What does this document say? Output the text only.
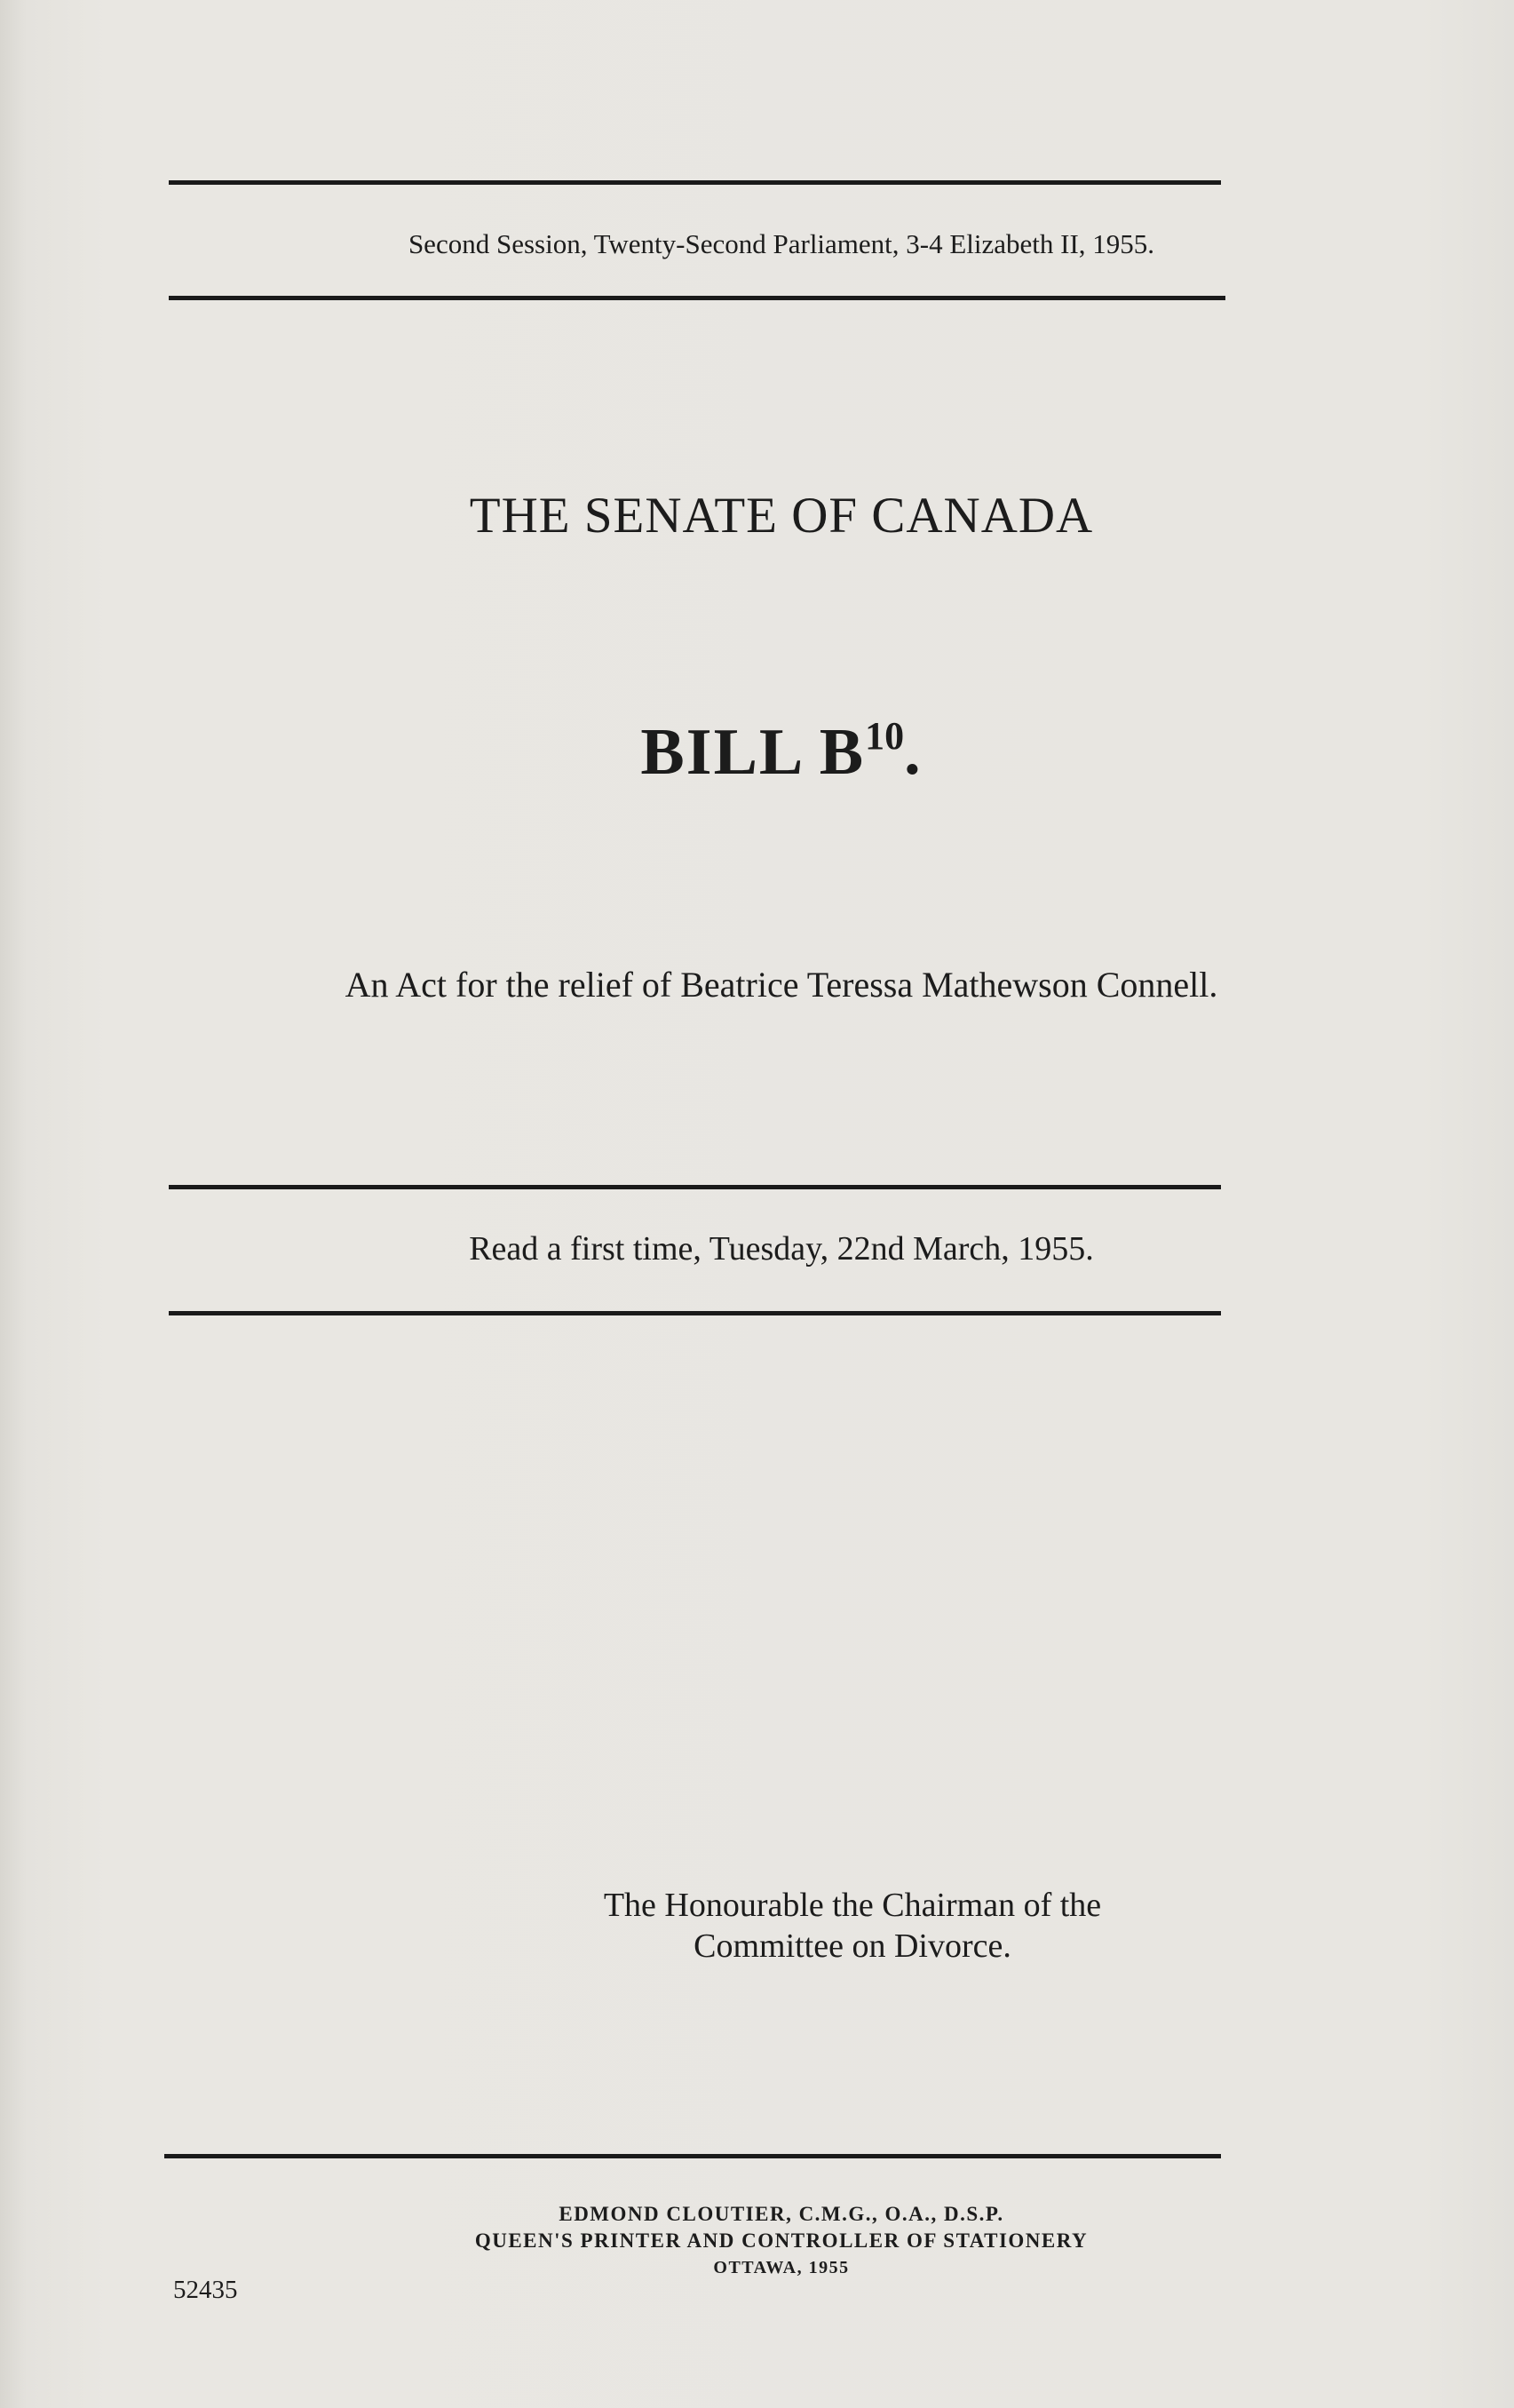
Second Session, Twenty-Second Parliament, 3-4 Elizabeth II, 1955.
THE SENATE OF CANADA
BILL $B^{10}$.
An Act for the relief of Beatrice Teressa Mathewson Connell.
Read a first time, Tuesday, 22nd March, 1955.
The Honourable the Chairman of the
Committee on Divorce.
EDMOND CLOUTIER, C.M.G., O.A., D.S.P.
QUEEN'S PRINTER AND CONTROLLER OF STATIONERY
OTTAWA, 1955
52435
